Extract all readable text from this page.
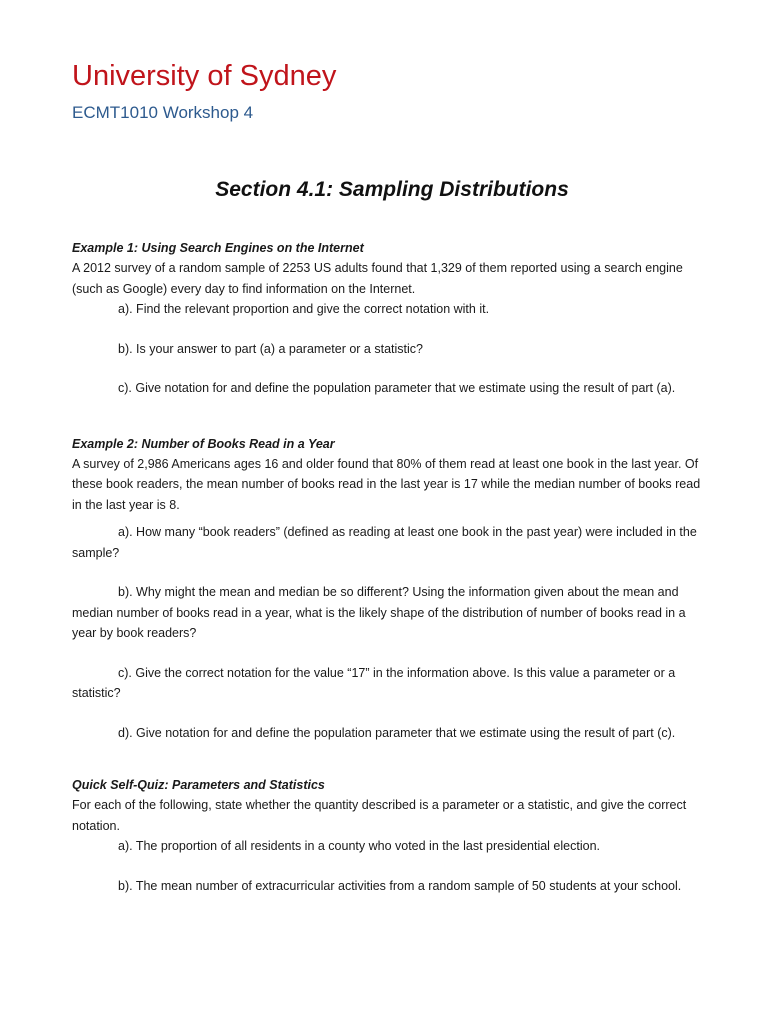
University of Sydney
ECMT1010 Workshop 4
Section 4.1: Sampling Distributions

Example 1: Using Search Engines on the Internet

A 2012 survey of a random sample of 2253 US adults found that 1,329 of them reported using a search engine (such as Google) every day to find information on the Internet.

a). Find the relevant proportion and give the correct notation with it.

b). Is your answer to part (a) a parameter or a statistic?

c). Give notation for and define the population parameter that we estimate using the result of part (a).

Example 2: Number of Books Read in a Year

A survey of 2,986 Americans ages 16 and older found that 80% of them read at least one book in the last year. Of these book readers, the mean number of books read in the last year is 17 while the median number of books read in the last year is 8.

a). How many “book readers” (defined as reading at least one book in the past year) were included in the sample?

b). Why might the mean and median be so different? Using the information given about the mean and median number of books read in a year, what is the likely shape of the distribution of number of books read in a year by book readers?

c). Give the correct notation for the value “17” in the information above. Is this value a parameter or a statistic?

d). Give notation for and define the population parameter that we estimate using the result of part (c).

Quick Self-Quiz: Parameters and Statistics

For each of the following, state whether the quantity described is a parameter or a statistic, and give the correct notation.

a). The proportion of all residents in a county who voted in the last presidential election.

b). The mean number of extracurricular activities from a random sample of 50 students at your school.
